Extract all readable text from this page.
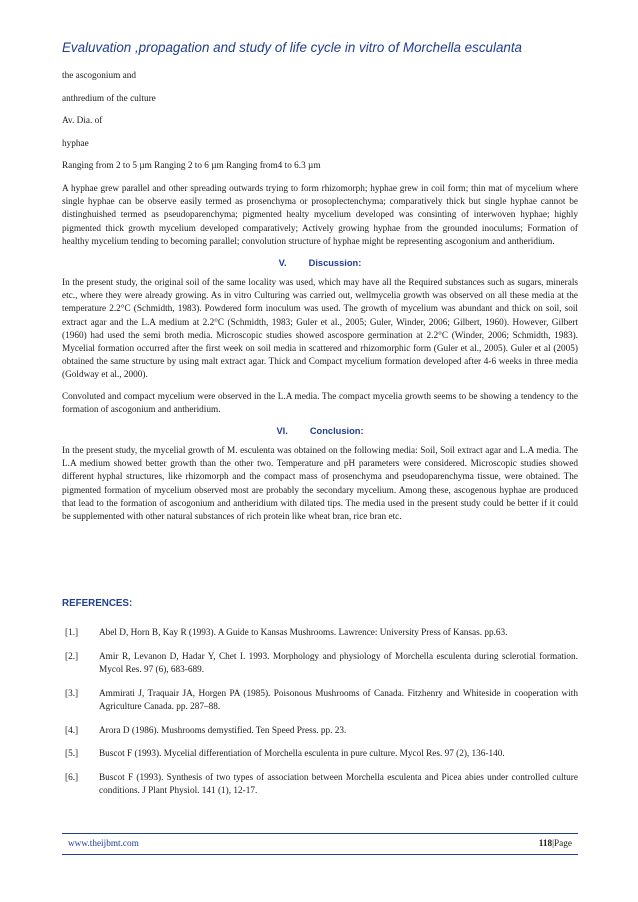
Evaluvation ,propagation and study of life cycle in vitro of Morchella esculanta

the ascogonium and

anthredium of the culture

Av. Dia. of

hyphae

Ranging from 2 to 5 µm Ranging 2 to 6 µm Ranging from4 to 6.3 µm

A hyphae grew parallel and other spreading outwards trying to form rhizomorph; hyphae grew in coil form; thin mat of mycelium where single hyphae can be observe easily termed as prosenchyma or prosoplectenchyma; comparatively thick but single hyphae cannot be distinghuished termed as pseudoparenchyma; pigmented healty mycelium developed was consinting of interwoven hyphae; highly pigmented thick growth mycelium developed comparatively; Actively growing hyphae from the grounded inoculums; Formation of healthy mycelium tending to becoming parallel; convolution structure of hyphae might be representing ascogonium and antheridium.

V. Discussion:

In the present study, the original soil of the same locality was used, which may have all the Required substances such as sugars, minerals etc., where they were already growing. As in vitro Culturing was carried out, wellmycelia growth was observed on all these media at the temperature 2.2°C (Schmidth, 1983). Powdered form inoculum was used. The growth of mycelium was abundant and thick on soil, soil extract agar and the L.A medium at 2.2°C (Schmidth, 1983; Guler et al., 2005; Guler, Winder, 2006; Gilbert, 1960). However, Gilbert (1960) had used the semi broth media. Microscopic studies showed ascospore germination at 2.2°C (Winder, 2006; Schmidth, 1983). Mycelial formation occurred after the first week on soil media in scattered and rhizomorphic form (Guler et al., 2005). Guler et al (2005) obtained the same structure by using malt extract agar. Thick and Compact mycelium formation developed after 4-6 weeks in three media (Goldway et al., 2000).

Convoluted and compact mycelium were observed in the L.A media. The compact mycelia growth seems to be showing a tendency to the formation of ascogonium and antheridium.

VI. Conclusion:

In the present study, the mycelial growth of M. esculenta was obtained on the following media: Soil, Soil extract agar and L.A media. The L.A medium showed better growth than the other two. Temperature and pH parameters were considered. Microscopic studies showed different hyphal structures, like rhizomorph and the compact mass of prosenchyma and pseudoparenchyma tissue, were obtained. The pigmented formation of mycelium observed most are probably the secondary mycelium. Among these, ascogenous hyphae are produced that lead to the formation of ascogonium and antheridium with dilated tips. The media used in the present study could be better if it could be supplemented with other natural substances of rich protein like wheat bran, rice bran etc.

REFERENCES:
[1.] Abel D, Horn B, Kay R (1993). A Guide to Kansas Mushrooms. Lawrence: University Press of Kansas. pp.63.
[2.] Amir R, Levanon D, Hadar Y, Chet I. 1993. Morphology and physiology of Morchella esculenta during sclerotial formation. Mycol Res. 97 (6), 683-689.
[3.] Ammirati J, Traquair JA, Horgen PA (1985). Poisonous Mushrooms of Canada. Fitzhenry and Whiteside in cooperation with Agriculture Canada. pp. 287–88.
[4.] Arora D (1986). Mushrooms demystified. Ten Speed Press. pp. 23.
[5.] Buscot F (1993). Mycelial differentiation of Morchella esculenta in pure culture. Mycol Res. 97 (2), 136-140.
[6.] Buscot F (1993). Synthesis of two types of association between Morchella esculenta and Picea abies under controlled culture conditions. J Plant Physiol. 141 (1), 12-17.
www.theijbmt.com	118|Page
